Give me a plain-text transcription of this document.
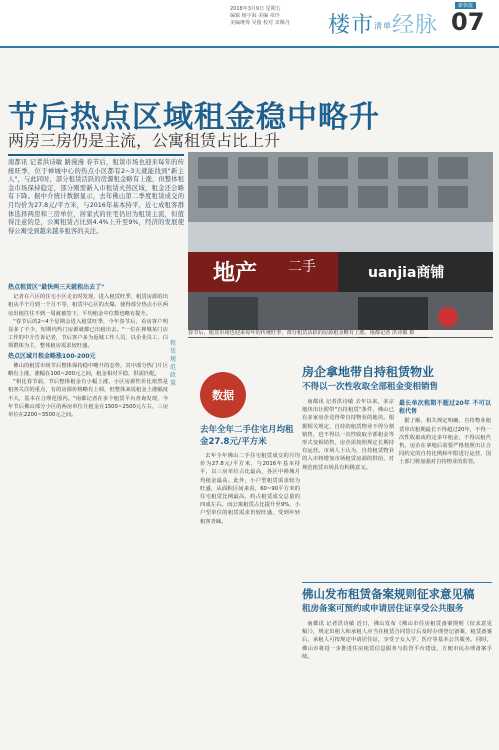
新快报
2018年3月9日 星期五
编辑 杨宇海 美编 章玲
美编统筹 吴俊 校对 宋佩丹	楼市清单经脉 07
节后热点区域租金稳中略升
两房三房仍是主流，公寓租赁占比上升

南都讯 记者洪诗敏 路漫漫 春节后，租赁市场也迎来每年的传统旺季，位于禅城中心的热点小区都有2~3天就能找到"新主人"，与此同时，部分租赁活跃的房源租金略有上涨，但整体租金市场保持稳定，部分刚需新入市租赁火热区域，租金还会略有下降。据中介统计数据显示，去年佛山第二季度租赁成交的月均价为27.8元/平方米，与2016年基本持平，近七成租客群体选择两房和三房单位，居家式的住宅仍旧为租赁主流，但值得注意的是，公寓租赁占比到4.4%上升至9%，经济的发展使得公寓受到越来越多租客的关注。

地产	uanjia商铺
二手
春节后，租赁市场也迎来每年的传统旺季，部分租赁活跃的房源租金略有上涨。南都记者 洪诗敏 摄
热点租赁区"最快两三天就租出去了"

记者在六区的住宅小区走访时发现，进入租赁旺季，租赁房源的出租从半个月到一个月不等，租赁中心区的火爆，使得部分热点小区两房出租往往不到一周就被签下，平均租金中位数也略有提升。

"春节后的2~4个星期会进入租赁旺季，今年春节后，看房客户明显多了不少，短期内热门房源就都已出租出去。"一位在禅城某门店工作的中介告诉记者，节后客户多为返城工作人员，以企业员工、白领群体为主，整体租房需求较旺盛。

热点区域月租金略涨100-200元

佛山的租赁市场节后整体保持稳中略升的态势，其中部分热门片区略有上涨，涨幅在100~200元之间，租金相对平稳，供需匹配。

"相比春节前，节后整体租金有小幅上涨，小区房源性价比依然是租客关注的重点，有的房源价格略有上调，但整体来说租金上涨幅度不大，基本在合理范围内。"南都记者在多个租赁平台查询发现，今年节后佛山部分小区的两房单位月租金在1500~2500元左右，三房单位在2200~3500元之间。

租赁规范政策
数据
去年全年二手住宅月均租金27.8元/平方米

去年全年佛山二手住宅租赁成交的月均价为27.8元/平方米，与2016年基本持平，以三房单位占比最高，各区中禅城月均租金最高。此外，小户型租赁需求较为旺盛，从面积区间来看，60~90平方米的住宅租赁比例最高，约占租赁成交总量的四成左右。而公寓租赁占比提升至9%，小户型单位的租赁需求仍较旺盛，受到年轻租客青睐。

房企拿地带自持租赁物业
不得以一次性收取全部租金变相销售

南都讯 记者洪诗敏 去年以来，多宗地块出让附带"自持租赁"条件，佛山已有多家房企竞得带自持物业的地块。根据相关规定，自持的租赁物业不得分割销售，也不得以一次性收取全部租金等形式变相销售，房企需按照规定长期持有运营。市场人士认为，自持租赁物业的入市将增加市场租赁房源的供给，对规范租赁市场具有积极意义。

最长单次租期不超过20年 不可以租代售

据了解，相关规定明确，自持物业租赁单次租期最长不得超过20年，不得一次性收取或约定多年租金，不得以租代售。房企在拿地后需要严格按照出让合同约定的自持比例和年限进行运营，国土部门将加强对自持物业的监管。

佛山发布租赁备案规则征求意见稿
租房备案可预约或申请居住证享受公共服务

南都讯 记者洪诗敏 近日，佛山发布《佛山市住房租赁备案规则（征求意见稿）》，规定出租人和承租人应当在租赁合同签订后及时办理登记备案，租赁备案后，承租人可按规定申请居住证，享受子女入学、医疗等基本公共服务。同时，佛山市将进一步推进住房租赁信息服务与监管平台建设，方便市民办理备案手续。
